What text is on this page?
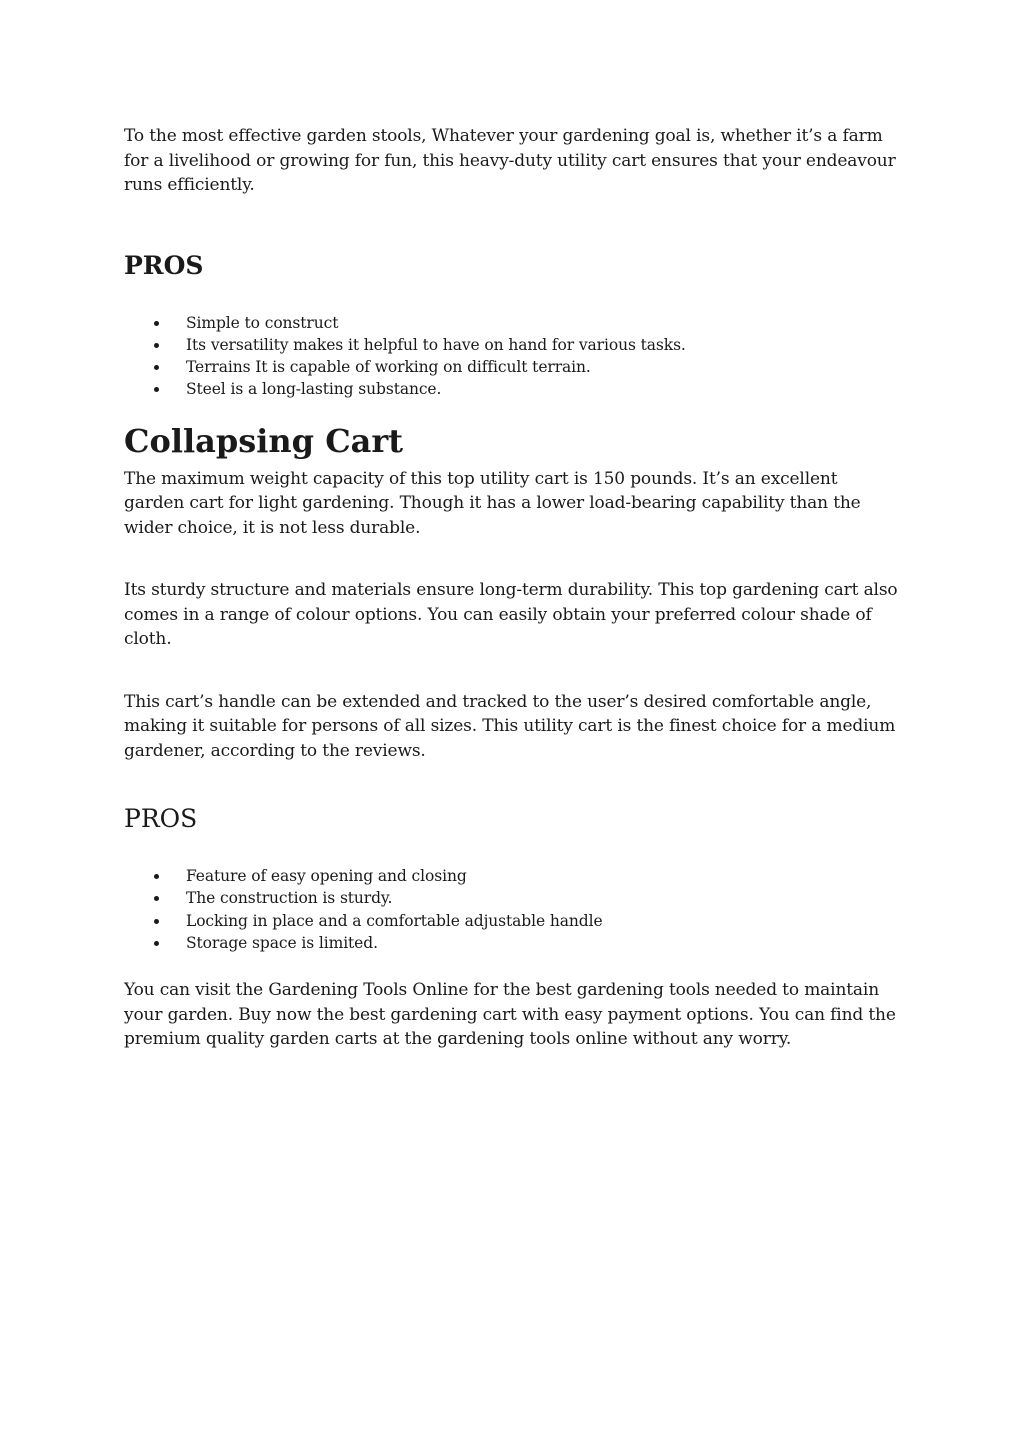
To the most effective garden stools, Whatever your gardening goal is, whether it’s a farm for a livelihood or growing for fun, this heavy-duty utility cart ensures that your endeavour runs efficiently.

PROS
Simple to construct
Its versatility makes it helpful to have on hand for various tasks.
Terrains It is capable of working on difficult terrain.
Steel is a long-lasting substance.
Collapsing Cart

The maximum weight capacity of this top utility cart is 150 pounds. It’s an excellent garden cart for light gardening. Though it has a lower load-bearing capability than the wider choice, it is not less durable.

Its sturdy structure and materials ensure long-term durability. This top gardening cart also comes in a range of colour options. You can easily obtain your preferred colour shade of cloth.

This cart’s handle can be extended and tracked to the user’s desired comfortable angle, making it suitable for persons of all sizes. This utility cart is the finest choice for a medium gardener, according to the reviews.

PROS
Feature of easy opening and closing
The construction is sturdy.
Locking in place and a comfortable adjustable handle
Storage space is limited.

You can visit the Gardening Tools Online for the best gardening tools needed to maintain your garden. Buy now the best gardening cart with easy payment options. You can find the premium quality garden carts at the gardening tools online without any worry.
